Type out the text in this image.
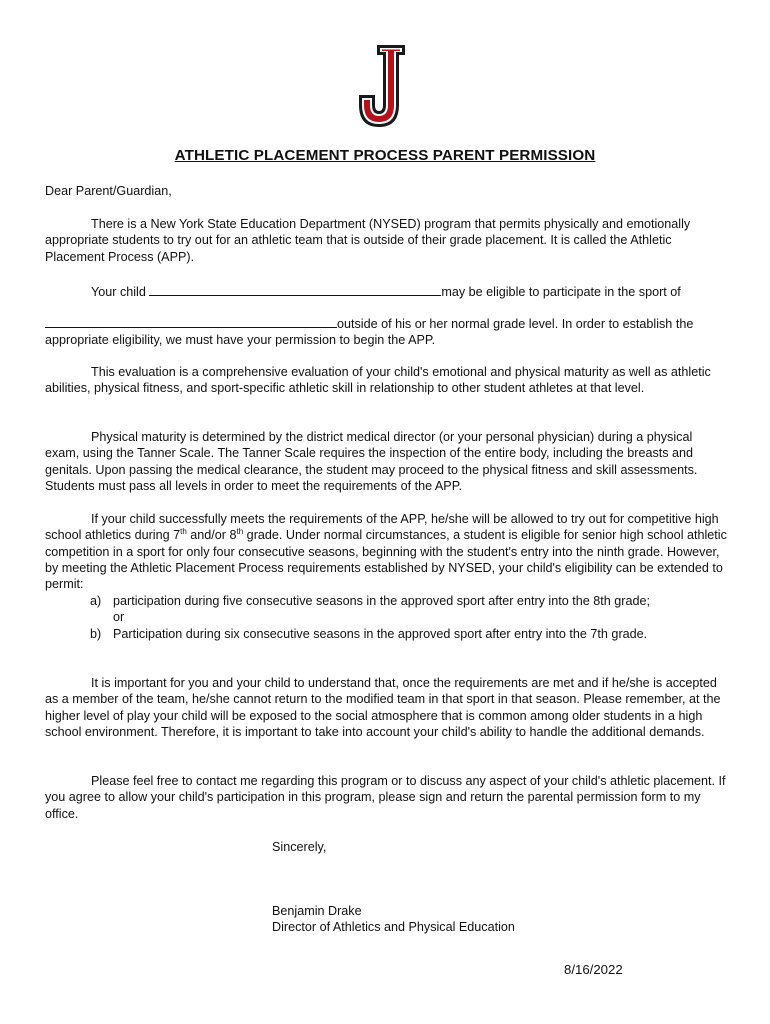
ATHLETIC PLACEMENT PROCESS PARENT PERMISSION

Dear Parent/Guardian,

There is a New York State Education Department (NYSED) program that permits physically and emotionally appropriate students to try out for an athletic team that is outside of their grade placement. It is called the Athletic Placement Process (APP).

Your child	may be eligible to participate in the sport of

outside of his or her normal grade level. In order to establish the appropriate eligibility, we must have your permission to begin the APP.

This evaluation is a comprehensive evaluation of your child's emotional and physical maturity as well as athletic abilities, physical fitness, and sport-specific athletic skill in relationship to other student athletes at that level.

Physical maturity is determined by the district medical director (or your personal physician) during a physical exam, using the Tanner Scale. The Tanner Scale requires the inspection of the entire body, including the breasts and genitals. Upon passing the medical clearance, the student may proceed to the physical fitness and skill assessments. Students must pass all levels in order to meet the requirements of the APP.

If your child successfully meets the requirements of the APP, he/she will be allowed to try out for competitive high school athletics during 7th and/or 8th grade. Under normal circumstances, a student is eligible for senior high school athletic competition in a sport for only four consecutive seasons, beginning with the student's entry into the ninth grade. However, by meeting the Athletic Placement Process requirements established by NYSED, your child's eligibility can be extended to permit:

a) participation during five consecutive seasons in the approved sport after entry into the 8th grade; or
b) Participation during six consecutive seasons in the approved sport after entry into the 7th grade.

It is important for you and your child to understand that, once the requirements are met and if he/she is accepted as a member of the team, he/she cannot return to the modified team in that sport in that season. Please remember, at the higher level of play your child will be exposed to the social atmosphere that is common among older students in a high school environment. Therefore, it is important to take into account your child's ability to handle the additional demands.

Please feel free to contact me regarding this program or to discuss any aspect of your child's athletic placement. If you agree to allow your child's participation in this program, please sign and return the parental permission form to my office.

Sincerely,
Benjamin Drake
Director of Athletics and Physical Education
8/16/2022
